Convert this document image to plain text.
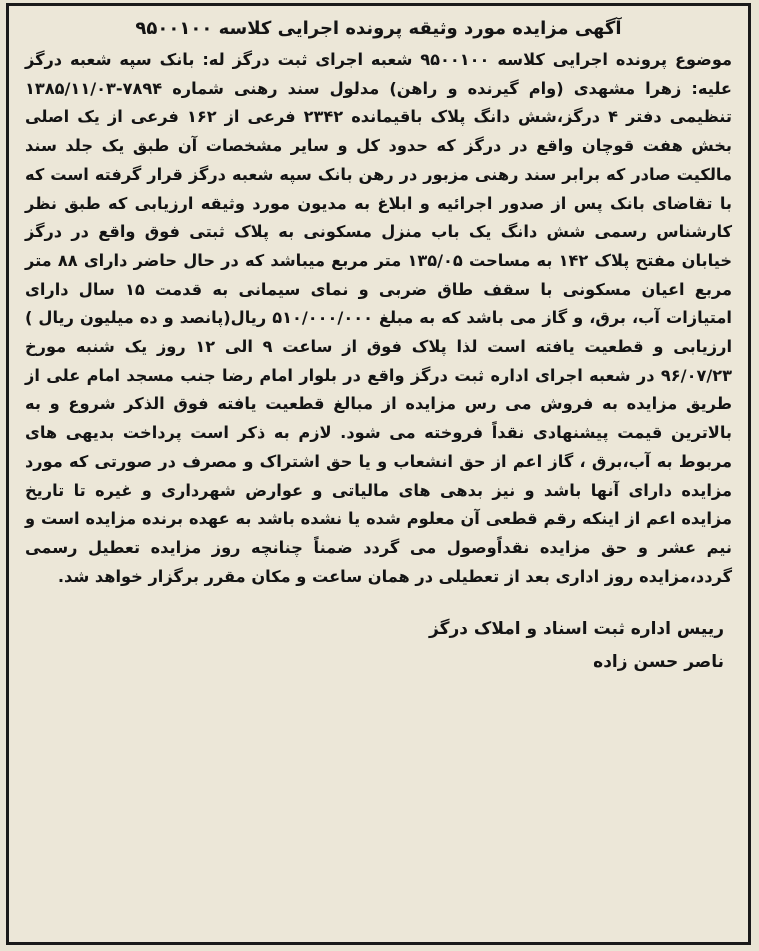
آگهی مزایده مورد وثیقه پرونده اجرایی کلاسه ۹۵۰۰۱۰۰

موضوع پرونده اجرایی کلاسه ۹۵۰۰۱۰۰ شعبه اجرای ثبت درگز له: بانک سپه شعبه درگز علیه: زهرا مشهدی (وام گیرنده و راهن) مدلول سند رهنی شماره ۷۸۹۴-۱۳۸۵/۱۱/۰۳ تنظیمی دفتر ۴ درگز،شش دانگ پلاک باقیمانده ۲۳۴۲ فرعی از ۱۶۲ فرعی از یک اصلی بخش هفت قوچان واقع در درگز که حدود کل و سایر مشخصات آن طبق یک جلد سند مالکیت صادر که برابر سند رهنی مزبور در رهن بانک سپه شعبه درگز قرار گرفته است که با تقاضای بانک پس از صدور اجرائیه و ابلاغ به مدیون مورد وثیقه ارزیابی که طبق نظر کارشناس رسمی شش دانگ یک باب منزل مسکونی به پلاک ثبتی فوق واقع در درگز خیابان مفتح پلاک ۱۴۲ به مساحت ۱۳۵/۰۵ متر مربع میباشد که در حال حاضر دارای ۸۸ متر مربع اعیان مسکونی با سقف طاق ضربی و نمای سیمانی به قدمت ۱۵ سال دارای امتیازات آب، برق، و گاز می باشد که به مبلغ ۵۱۰/۰۰۰/۰۰۰ ریال(پانصد و ده میلیون ریال ) ارزیابی و قطعیت یافته است لذا پلاک فوق از ساعت ۹ الی ۱۲ روز یک شنبه مورخ ۹۶/۰۷/۲۳ در شعبه اجرای اداره ثبت درگز واقع در بلوار امام رضا جنب مسجد امام علی از طریق مزایده به فروش می رس مزایده از مبالغ قطعیت یافته فوق الذکر شروع و به بالاترین قیمت پیشنهادی نقداً فروخته می شود. لازم به ذکر است پرداخت بدیهی های مربوط به آب،برق ، گاز اعم از حق انشعاب و یا حق اشتراک و مصرف در صورتی که مورد مزایده دارای آنها باشد و نیز بدهی های مالیاتی و عوارض شهرداری و غیره تا تاریخ مزایده اعم از اینکه رقم قطعی آن معلوم شده یا نشده باشد به عهده برنده مزایده است و نیم عشر و حق مزایده نقداًوصول می گردد ضمناً چنانچه روز مزایده تعطیل رسمی گردد،مزایده روز اداری بعد از تعطیلی در همان ساعت و مکان مقرر برگزار خواهد شد.

رییس اداره ثبت اسناد و املاک درگز
ناصر حسن زاده
